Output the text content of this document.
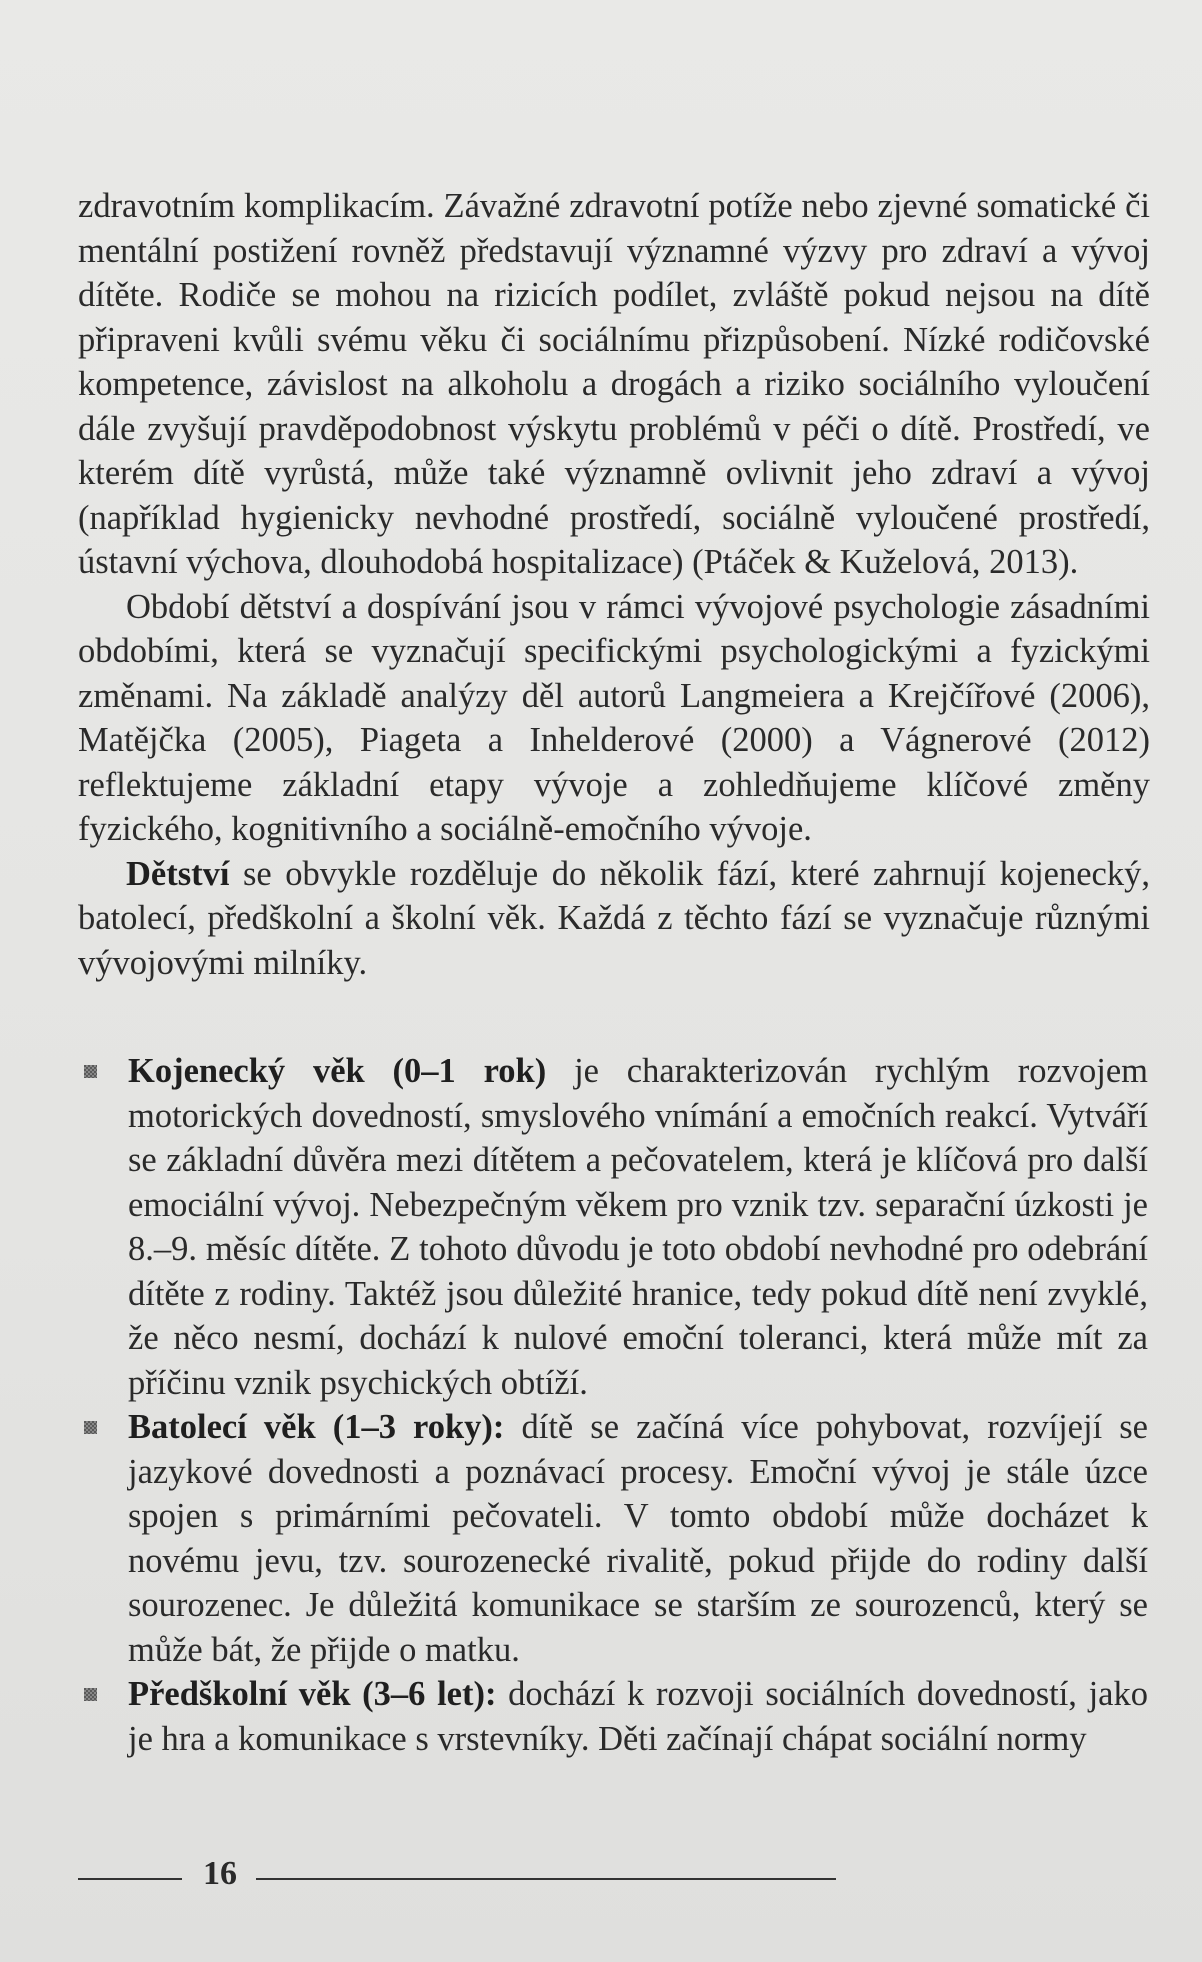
zdravotním komplikacím. Závažné zdravotní potíže nebo zjevné somatické či mentální postižení rovněž představují významné výzvy pro zdraví a vývoj dítěte. Rodiče se mohou na rizicích podílet, zvláště pokud nejsou na dítě připraveni kvůli svému věku či sociálnímu přizpůsobení. Nízké rodičovské kompetence, závislost na alkoholu a drogách a riziko sociálního vyloučení dále zvyšují pravděpodobnost výskytu problémů v péči o dítě. Prostředí, ve kterém dítě vyrůstá, může také významně ovlivnit jeho zdraví a vývoj (například hygienicky nevhodné prostředí, sociálně vyloučené prostředí, ústavní výchova, dlouhodobá hospitalizace) (Ptáček & Kuželová, 2013).

Období dětství a dospívání jsou v rámci vývojové psychologie zásadními obdobími, která se vyznačují specifickými psychologickými a fyzickými změnami. Na základě analýzy děl autorů Langmeiera a Krejčířové (2006), Matějčka (2005), Piageta a Inhelderové (2000) a Vágnerové (2012) reflektujeme základní etapy vývoje a zohledňujeme klíčové změny fyzického, kognitivního a sociálně-emočního vývoje.

Dětství se obvykle rozděluje do několik fází, které zahrnují kojenecký, batolecí, předškolní a školní věk. Každá z těchto fází se vyznačuje různými vývojovými milníky.

Kojenecký věk (0–1 rok) je charakterizován rychlým rozvojem motorických dovedností, smyslového vnímání a emočních reakcí. Vytváří se základní důvěra mezi dítětem a pečovatelem, která je klíčová pro další emociální vývoj. Nebezpečným věkem pro vznik tzv. separační úzkosti je 8.–9. měsíc dítěte. Z tohoto důvodu je toto období nevhodné pro odebrání dítěte z rodiny. Taktéž jsou důležité hranice, tedy pokud dítě není zvyklé, že něco nesmí, dochází k nulové emoční toleranci, která může mít za příčinu vznik psychických obtíží.
Batolecí věk (1–3 roky): dítě se začíná více pohybovat, rozvíjejí se jazykové dovednosti a poznávací procesy. Emoční vývoj je stále úzce spojen s primárními pečovateli. V tomto období může docházet k novému jevu, tzv. sourozenecké rivalitě, pokud přijde do rodiny další sourozenec. Je důležitá komunikace se starším ze sourozenců, který se může bát, že přijde o matku.
Předškolní věk (3–6 let): dochází k rozvoji sociálních dovedností, jako je hra a komunikace s vrstevníky. Děti začínají chápat sociální normy
16
